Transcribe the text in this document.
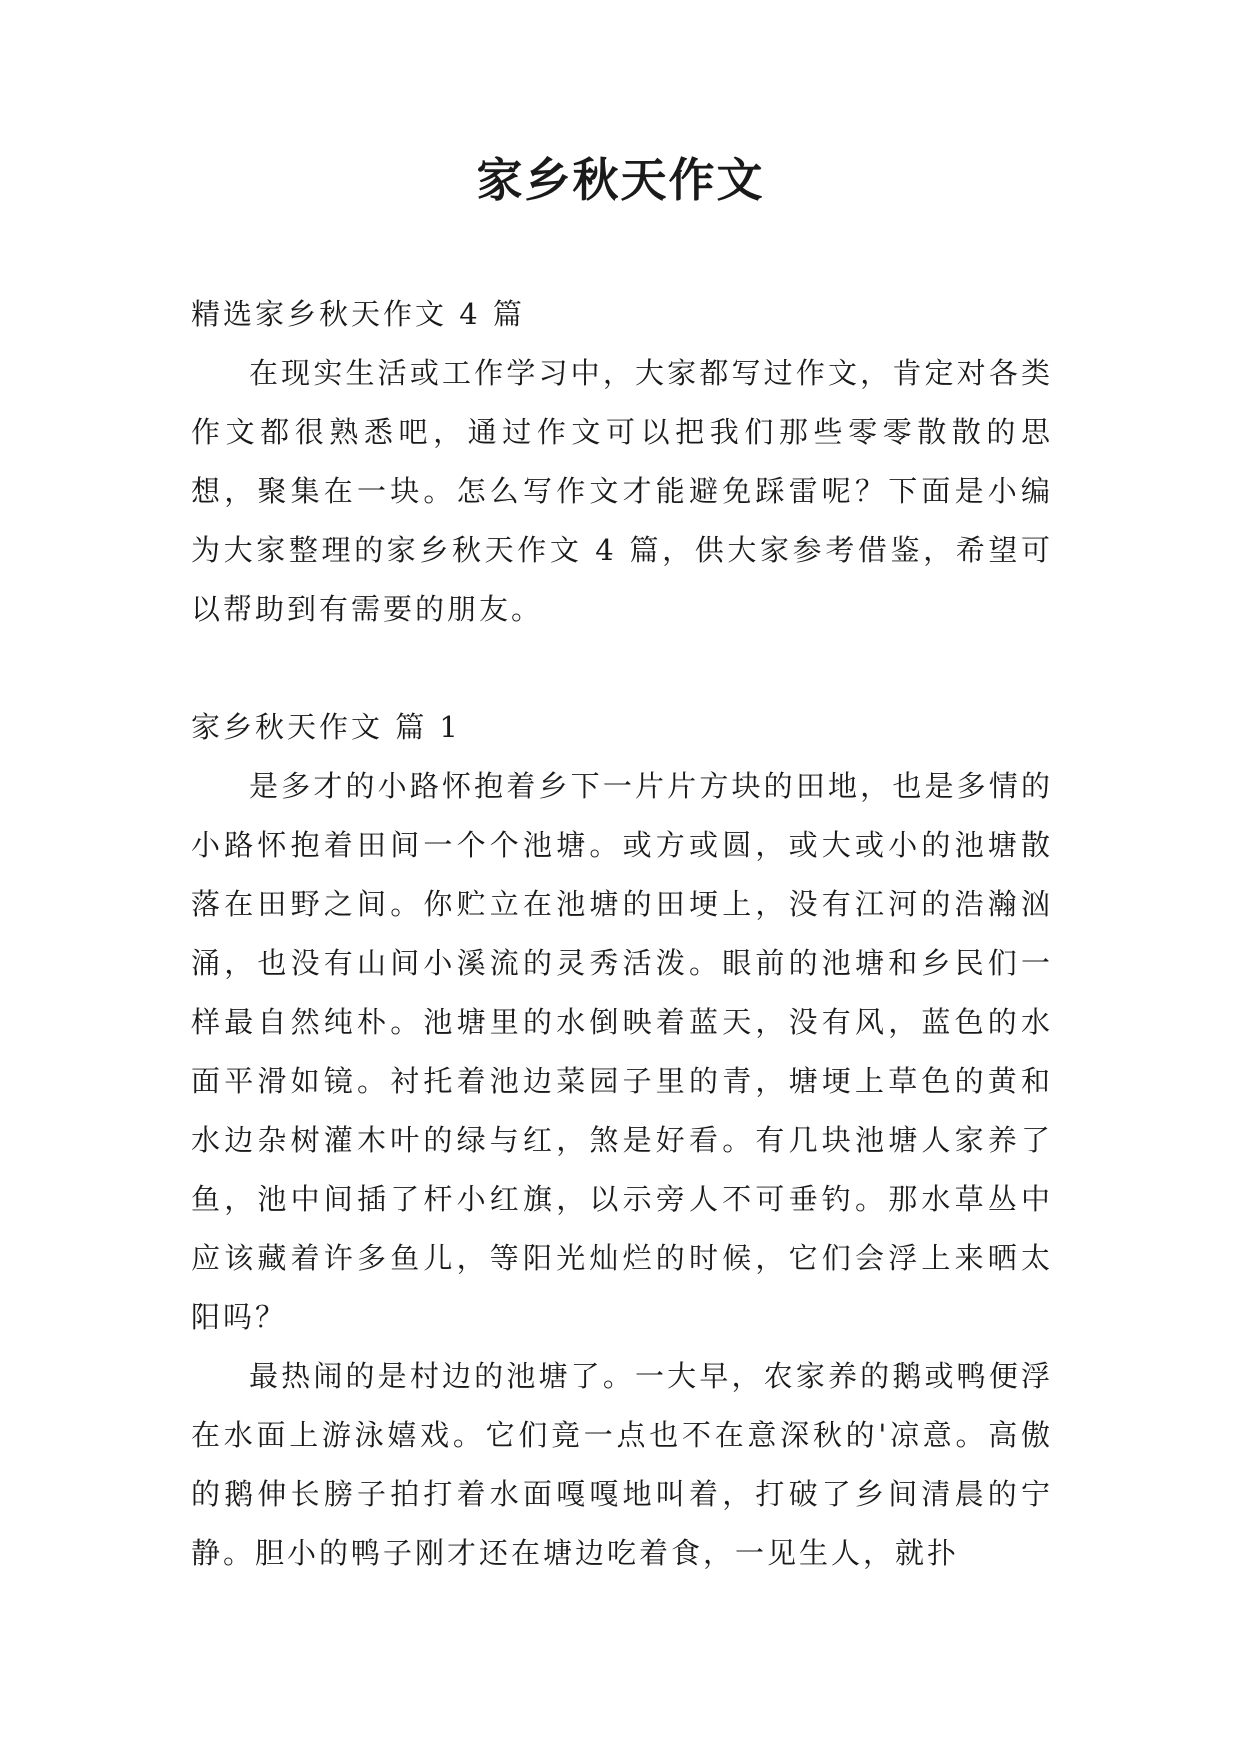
家乡秋天作文

精选家乡秋天作文 4 篇

在现实生活或工作学习中，大家都写过作文，肯定对各类作文都很熟悉吧，通过作文可以把我们那些零零散散的思想，聚集在一块。怎么写作文才能避免踩雷呢？下面是小编为大家整理的家乡秋天作文 4 篇，供大家参考借鉴，希望可以帮助到有需要的朋友。

家乡秋天作文 篇 1

是多才的小路怀抱着乡下一片片方块的田地，也是多情的小路怀抱着田间一个个池塘。或方或圆，或大或小的池塘散落在田野之间。你贮立在池塘的田埂上，没有江河的浩瀚汹涌，也没有山间小溪流的灵秀活泼。眼前的池塘和乡民们一样最自然纯朴。池塘里的水倒映着蓝天，没有风，蓝色的水面平滑如镜。衬托着池边菜园子里的青，塘埂上草色的黄和水边杂树灌木叶的绿与红，煞是好看。有几块池塘人家养了鱼，池中间插了杆小红旗，以示旁人不可垂钓。那水草丛中应该藏着许多鱼儿，等阳光灿烂的时候，它们会浮上来晒太阳吗？

最热闹的是村边的池塘了。一大早，农家养的鹅或鸭便浮在水面上游泳嬉戏。它们竟一点也不在意深秋的'凉意。高傲的鹅伸长膀子拍打着水面嘎嘎地叫着，打破了乡间清晨的宁静。胆小的鸭子刚才还在塘边吃着食，一见生人，就扑
